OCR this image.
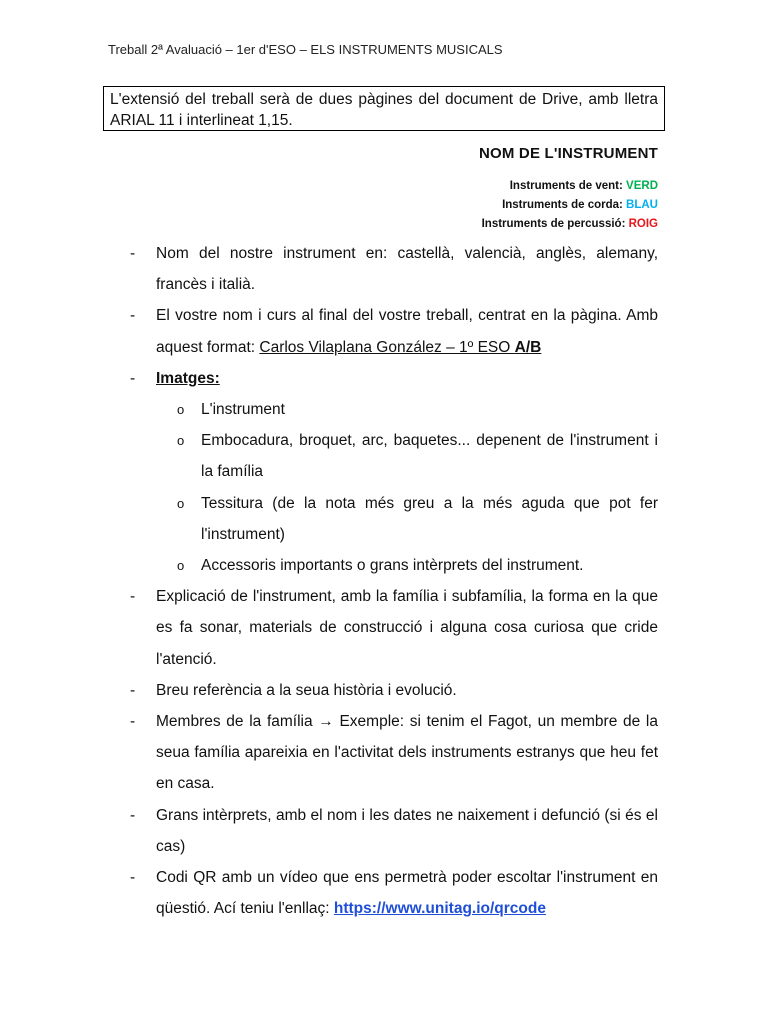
Treball 2ª Avaluació – 1er d'ESO – ELS INSTRUMENTS MUSICALS
L'extensió del treball serà de dues pàgines del document de Drive, amb lletra ARIAL 11 i interlineat 1,15.
NOM DE L'INSTRUMENT
Instruments de vent: VERD
Instruments de corda: BLAU
Instruments de percussió: ROIG
-	Nom del nostre instrument en: castellà, valencià, anglès, alemany, francès i italià.
-	El vostre nom i curs al final del vostre treball, centrat en la pàgina. Amb aquest format: Carlos Vilaplana González – 1º ESO A/B
-	Imatges:
o	L'instrument
o	Embocadura, broquet, arc, baquetes... depenent de l'instrument i la família
o	Tessitura (de la nota més greu a la més aguda que pot fer l'instrument)
o	Accessoris importants o grans intèrprets del instrument.
-	Explicació de l'instrument, amb la família i subfamília, la forma en la que es fa sonar, materials de construcció i alguna cosa curiosa que cride l'atenció.
-	Breu referència a la seua història i evolució.
-	Membres de la família → Exemple: si tenim el Fagot, un membre de la seua família apareixia en l'activitat dels instruments estranys que heu fet en casa.
-	Grans intèrprets, amb el nom i les dates ne naixement i defunció (si és el cas)
-	Codi QR amb un vídeo que ens permetrà poder escoltar l'instrument en qüestió. Ací teniu l'enllaç: https://www.unitag.io/qrcode
